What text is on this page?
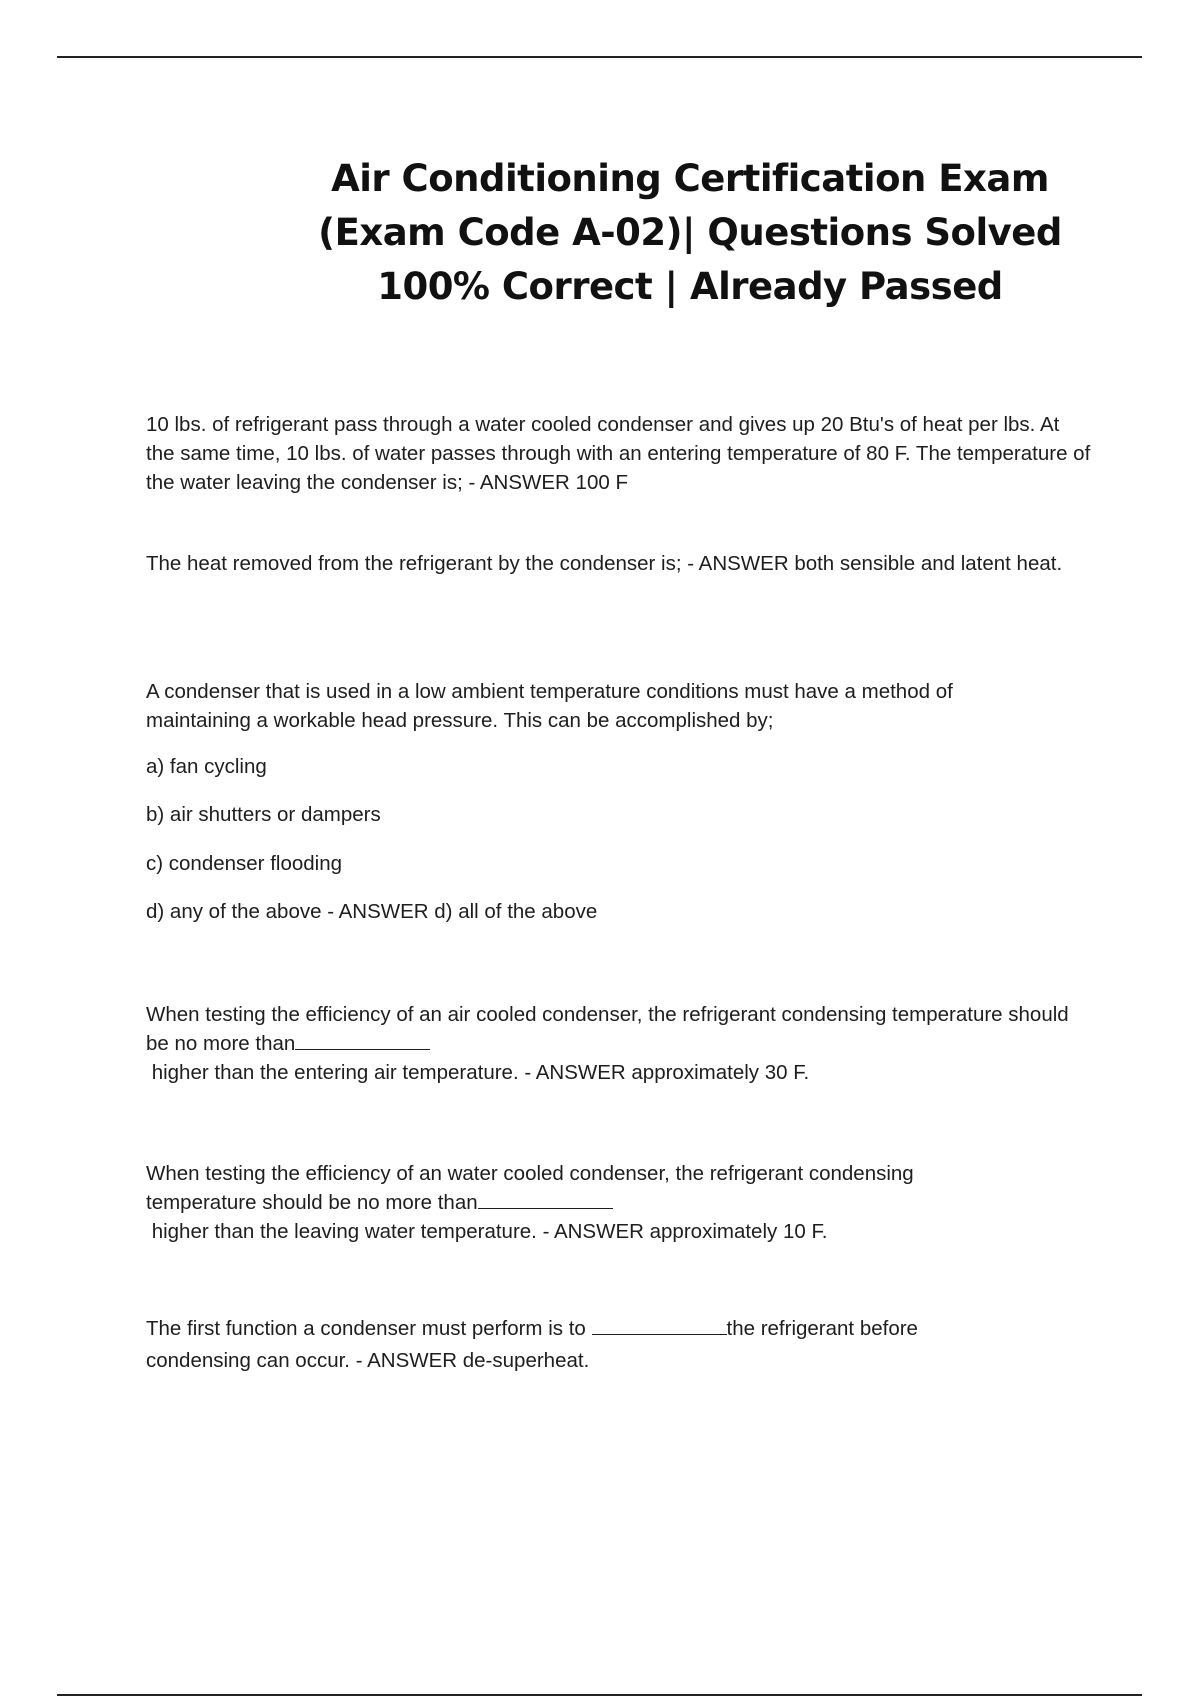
Air Conditioning Certification Exam (Exam Code A-02)| Questions Solved 100% Correct | Already Passed

10 lbs. of refrigerant pass through a water cooled condenser and gives up 20 Btu's of heat per lbs. At the same time, 10 lbs. of water passes through with an entering temperature of 80 F. The temperature of the water leaving the condenser is; - ANSWER 100 F

The heat removed from the refrigerant by the condenser is; - ANSWER both sensible and latent heat.

A condenser that is used in a low ambient temperature conditions must have a method of maintaining a workable head pressure. This can be accomplished by;

a) fan cycling

b) air shutters or dampers

c) condenser flooding

d) any of the above - ANSWER d) all of the above

When testing the efficiency of an air cooled condenser, the refrigerant condensing temperature should be no more than higher than the entering air temperature. - ANSWER approximately 30 F.

When testing the efficiency of an water cooled condenser, the refrigerant condensing temperature should be no more than higher than the leaving water temperature. - ANSWER approximately 10 F.

The first function a condenser must perform is to	the refrigerant before condensing can occur. - ANSWER de-superheat.
